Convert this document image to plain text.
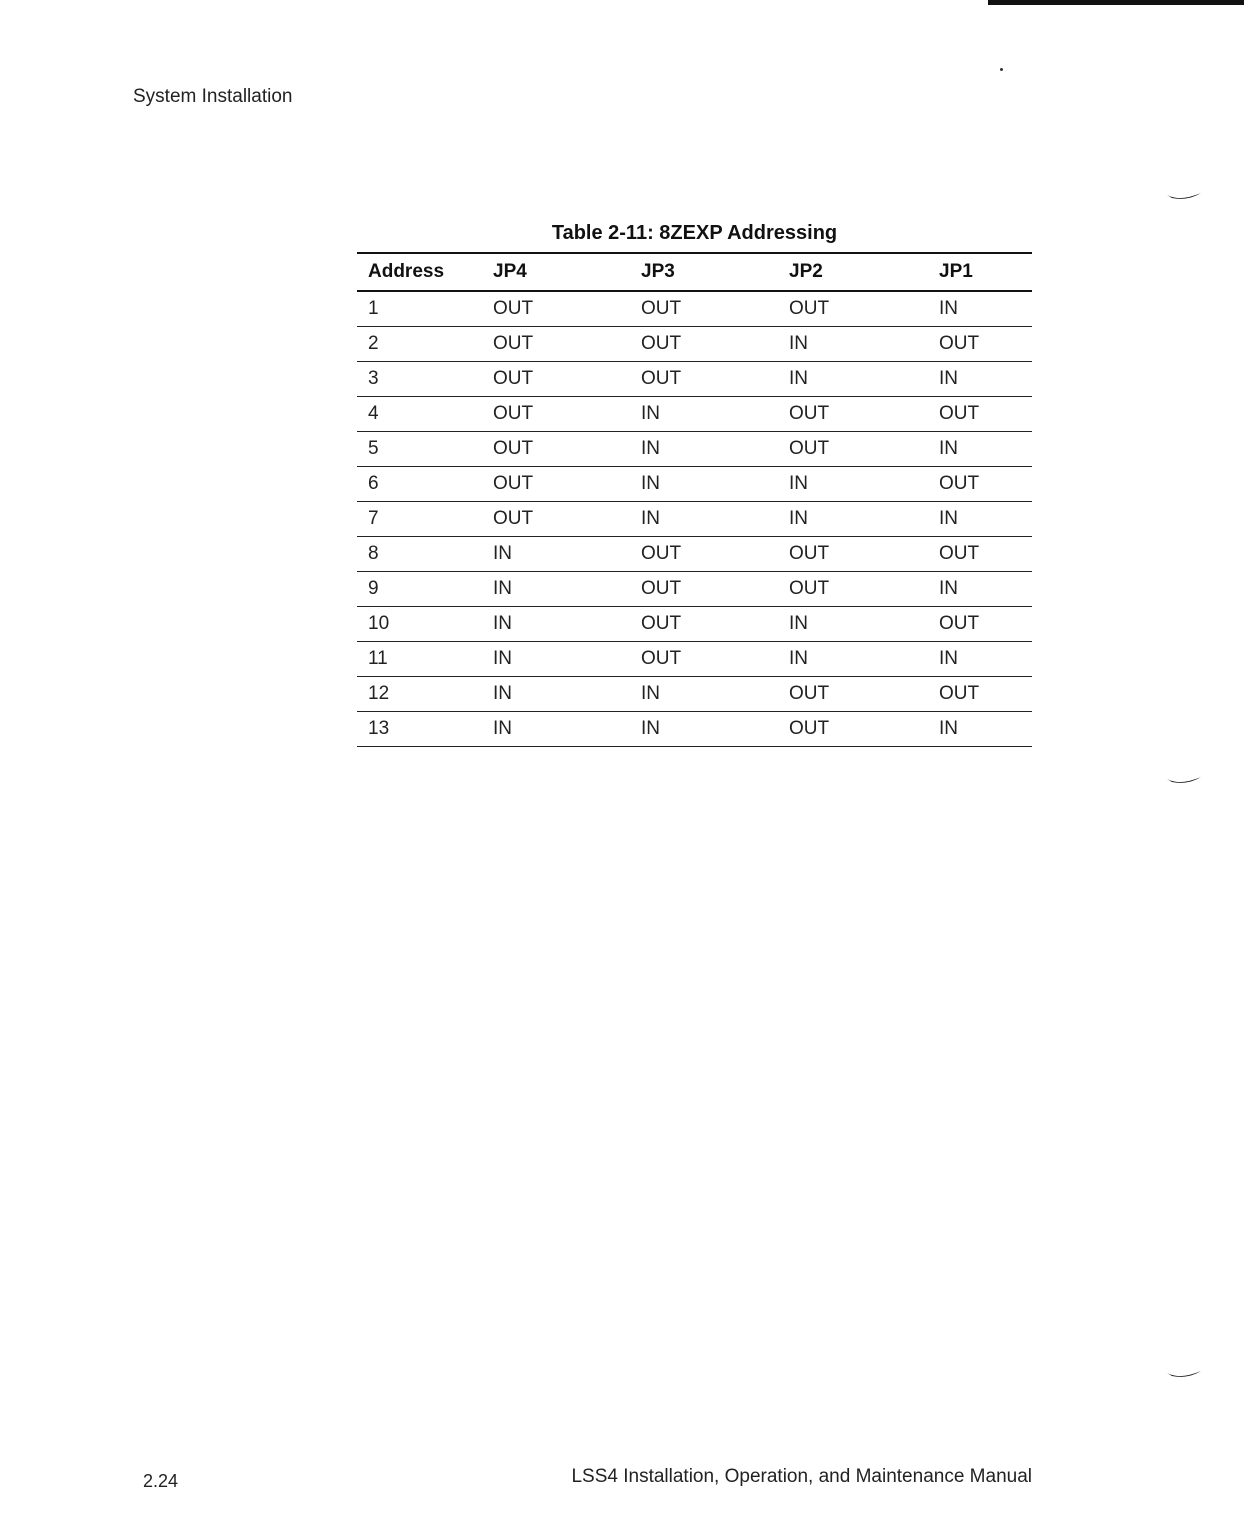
System Installation
Table 2-11: 8ZEXP Addressing
Address	JP4	JP3	JP2	JP1
1	OUT	OUT	OUT	IN
2	OUT	OUT	IN	OUT
3	OUT	OUT	IN	IN
4	OUT	IN	OUT	OUT
5	OUT	IN	OUT	IN
6	OUT	IN	IN	OUT
7	OUT	IN	IN	IN
8	IN	OUT	OUT	OUT
9	IN	OUT	OUT	IN
10	IN	OUT	IN	OUT
11	IN	OUT	IN	IN
12	IN	IN	OUT	OUT
13	IN	IN	OUT	IN
2.24	LSS4 Installation, Operation, and Maintenance Manual
